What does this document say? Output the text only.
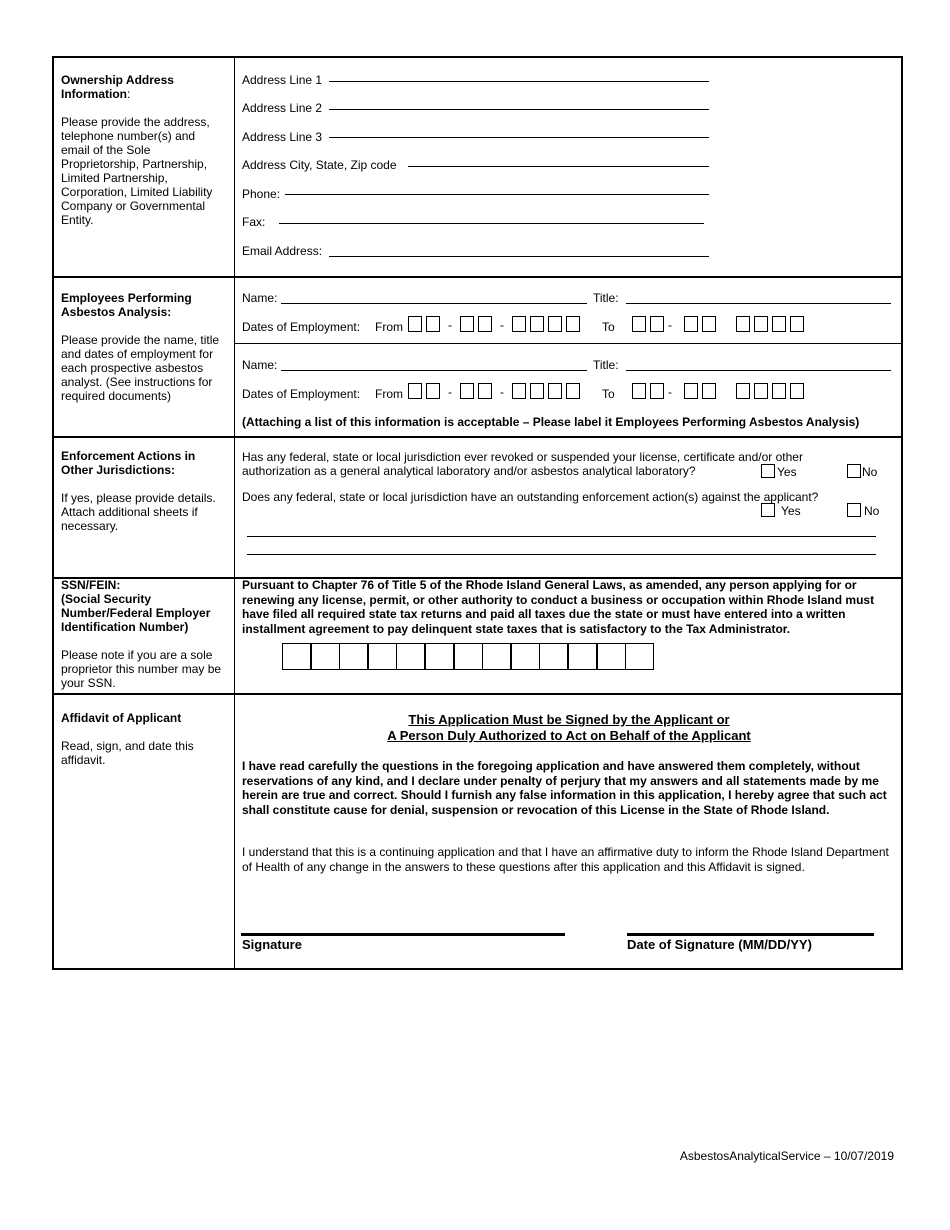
Ownership Address Information:
Please provide the address, telephone number(s) and email of the Sole Proprietorship, Partnership, Limited Partnership, Corporation, Limited Liability Company or Governmental Entity.
Address Line 1
Address Line 2
Address Line 3
Address City, State, Zip code
Phone:
Fax:
Email Address:
Employees Performing Asbestos Analysis:
Please provide the name, title and dates of employment for each prospective asbestos analyst. (See instructions for required documents)
Name:	Title:
Dates of Employment: From	-	-	To	-
Name:	Title:
Dates of Employment: From	-	-	To	-
(Attaching a list of this information is acceptable – Please label it Employees Performing Asbestos Analysis)
Enforcement Actions in Other Jurisdictions:
If yes, please provide details. Attach additional sheets if necessary.
Has any federal, state or local jurisdiction ever revoked or suspended your license, certificate and/or other
authorization as a general analytical laboratory and/or asbestos analytical laboratory?	Yes	No
Does any federal, state or local jurisdiction have an outstanding enforcement action(s) against the applicant?
Yes	No
SSN/FEIN:
(Social Security Number/Federal Employer Identification Number)
Please note if you are a sole proprietor this number may be your SSN.
Pursuant to Chapter 76 of Title 5 of the Rhode Island General Laws, as amended, any person applying for or renewing any license, permit, or other authority to conduct a business or occupation within Rhode Island must have filed all required state tax returns and paid all taxes due the state or must have entered into a written installment agreement to pay delinquent state taxes that is satisfactory to the Tax Administrator.
Affidavit of Applicant
Read, sign, and date this affidavit.
This Application Must be Signed by the Applicant or
A Person Duly Authorized to Act on Behalf of the Applicant
I have read carefully the questions in the foregoing application and have answered them completely, without reservations of any kind, and I declare under penalty of perjury that my answers and all statements made by me herein are true and correct. Should I furnish any false information in this application, I hereby agree that such act shall constitute cause for denial, suspension or revocation of this License in the State of Rhode Island.
I understand that this is a continuing application and that I have an affirmative duty to inform the Rhode Island Department of Health of any change in the answers to these questions after this application and this Affidavit is signed.
Signature	Date of Signature (MM/DD/YY)
AsbestosAnalyticalService – 10/07/2019
